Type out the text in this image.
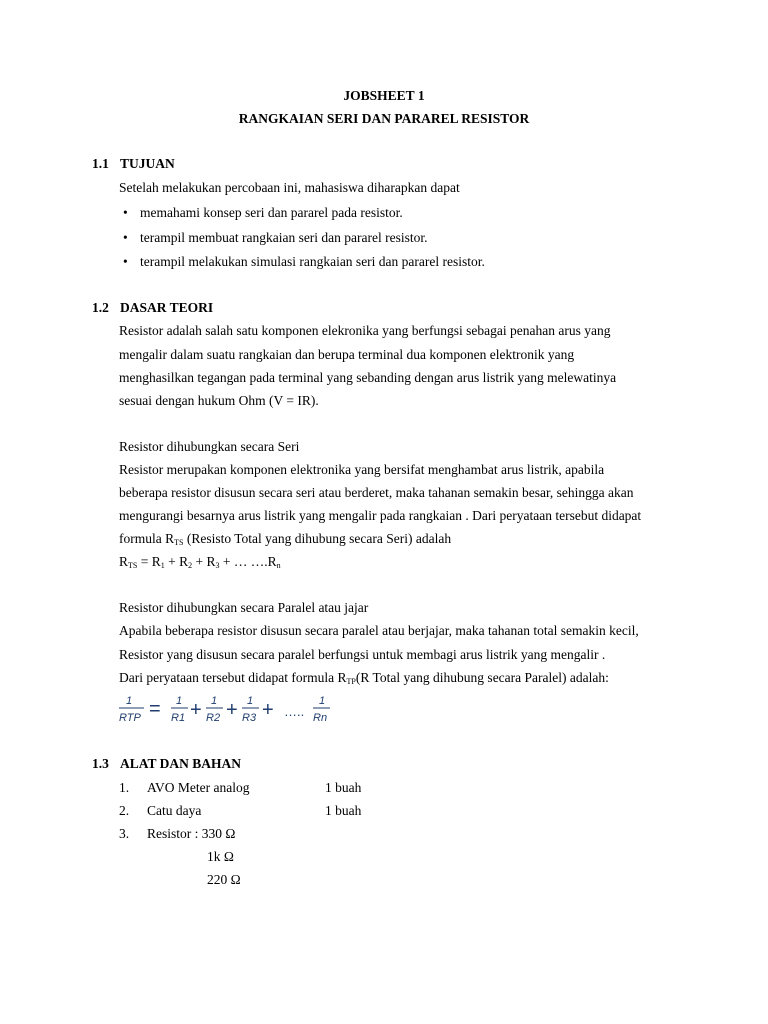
JOBSHEET 1
RANGKAIAN SERI DAN PARAREL RESISTOR
1.1 TUJUAN
Setelah melakukan percobaan ini, mahasiswa diharapkan dapat
• memahami konsep seri dan pararel pada resistor.
• terampil membuat rangkaian seri dan pararel resistor.
• terampil melakukan simulasi rangkaian seri dan pararel resistor.
1.2 DASAR TEORI
Resistor adalah salah satu komponen elekronika yang berfungsi sebagai penahan arus yang
mengalir dalam suatu rangkaian dan berupa terminal dua komponen elektronik yang
menghasilkan tegangan pada terminal yang sebanding dengan arus listrik yang melewatinya
sesuai dengan hukum Ohm (V = IR).
Resistor dihubungkan secara Seri
Resistor merupakan komponen elektronika yang bersifat menghambat arus listrik, apabila
beberapa resistor disusun secara seri atau berderet, maka tahanan semakin besar, sehingga akan
mengurangi besarnya arus listrik yang mengalir pada rangkaian . Dari peryataan tersebut didapat
formula $R_{TS}$ (Resisto Total yang dihubung secara Seri) adalah
$R_{TS} = R_1 + R_2 + R_3$ + … $\dots.R_n$
Resistor dihubungkan secara Paralel atau jajar
Apabila beberapa resistor disusun secara paralel atau berjajar, maka tahanan total semakin kecil,
Resistor yang disusun secara paralel berfungsi untuk membagi arus listrik yang mengalir .
Dari peryataan tersebut didapat formula $R_{TP}(R$ Total yang dihubung secara Paralel) adalah:
1
RTP = 1
R1 + 1
R2 + 1
R3 + …..
1
Rn
1.3 ALAT DAN BAHAN
1. AVO Meter analog	1 buah
2. Catu daya	1 buah
3. Resistor : 330 Ω
1k Ω
220 Ω
